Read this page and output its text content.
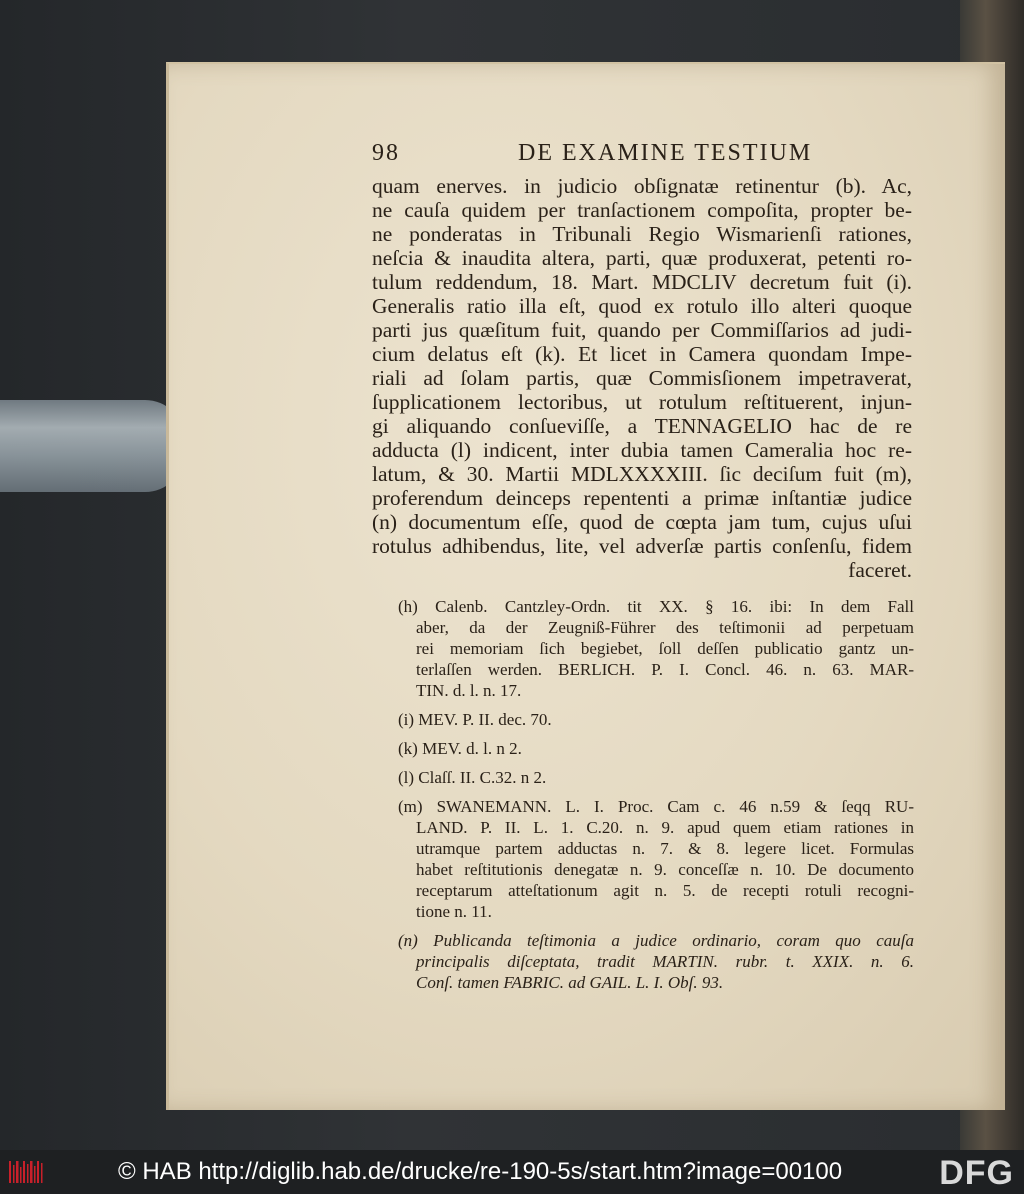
98	DE EXAMINE TESTIUM
quam enerves. in judicio obſignatæ retinentur (b). Ac,
ne cauſa quidem per tranſactionem compoſita, propter be-
ne ponderatas in Tribunali Regio Wismarienſi rationes,
neſcia & inaudita altera, parti, quæ produxerat, petenti ro-
tulum reddendum, 18. Mart. MDCLIV decretum fuit (i).
Generalis ratio illa eſt, quod ex rotulo illo alteri quoque
parti jus quæſitum fuit, quando per Commiſſarios ad judi-
cium delatus eſt (k). Et licet in Camera quondam Impe-
riali ad ſolam partis, quæ Commisſionem impetraverat,
ſupplicationem lectoribus, ut rotulum reſtituerent, injun-
gi aliquando conſueviſſe, a TENNAGELIO hac de re
adducta (l) indicent, inter dubia tamen Cameralia hoc re-
latum, & 30. Martii MDLXXXXIII. ſic deciſum fuit (m),
proferendum deinceps repententi a primæ inſtantiæ judice
(n) documentum eſſe, quod de cœpta jam tum, cujus uſui
rotulus adhibendus, lite, vel adverſæ partis conſenſu, fidem
faceret.
(h) Calenb. Cantzley-Ordn. tit XX. § 16. ibi: In dem Fall
aber, da der Zeugniß-Führer des teſtimonii ad perpetuam
rei memoriam ſich begiebet, ſoll deſſen publicatio gantz un-
terlaſſen werden. BERLICH. P. I. Concl. 46. n. 63. MAR-
TIN. d. l. n. 17.
(i) MEV. P. II. dec. 70.
(k) MEV. d. l. n 2.
(l) Claſſ. II. C.32. n 2.
(m) SWANEMANN. L. I. Proc. Cam c. 46 n.59 & ſeqq RU-
LAND. P. II. L. 1. C.20. n. 9. apud quem etiam rationes in
utramque partem adductas n. 7. & 8. legere licet. Formulas
habet reſtitutionis denegatæ n. 9. conceſſæ n. 10. De documento
receptarum atteſtationum agit n. 5. de recepti rotuli recogni-
tione n. 11.
(n) Publicanda teſtimonia a judice ordinario, coram quo cauſa
principalis diſceptata, tradit MARTIN. rubr. t. XXIX. n. 6.
Conſ. tamen FABRIC. ad GAIL. L. I. Obſ. 93.
© HAB http://diglib.hab.de/drucke/re-190-5s/start.htm?image=00100	DFG
